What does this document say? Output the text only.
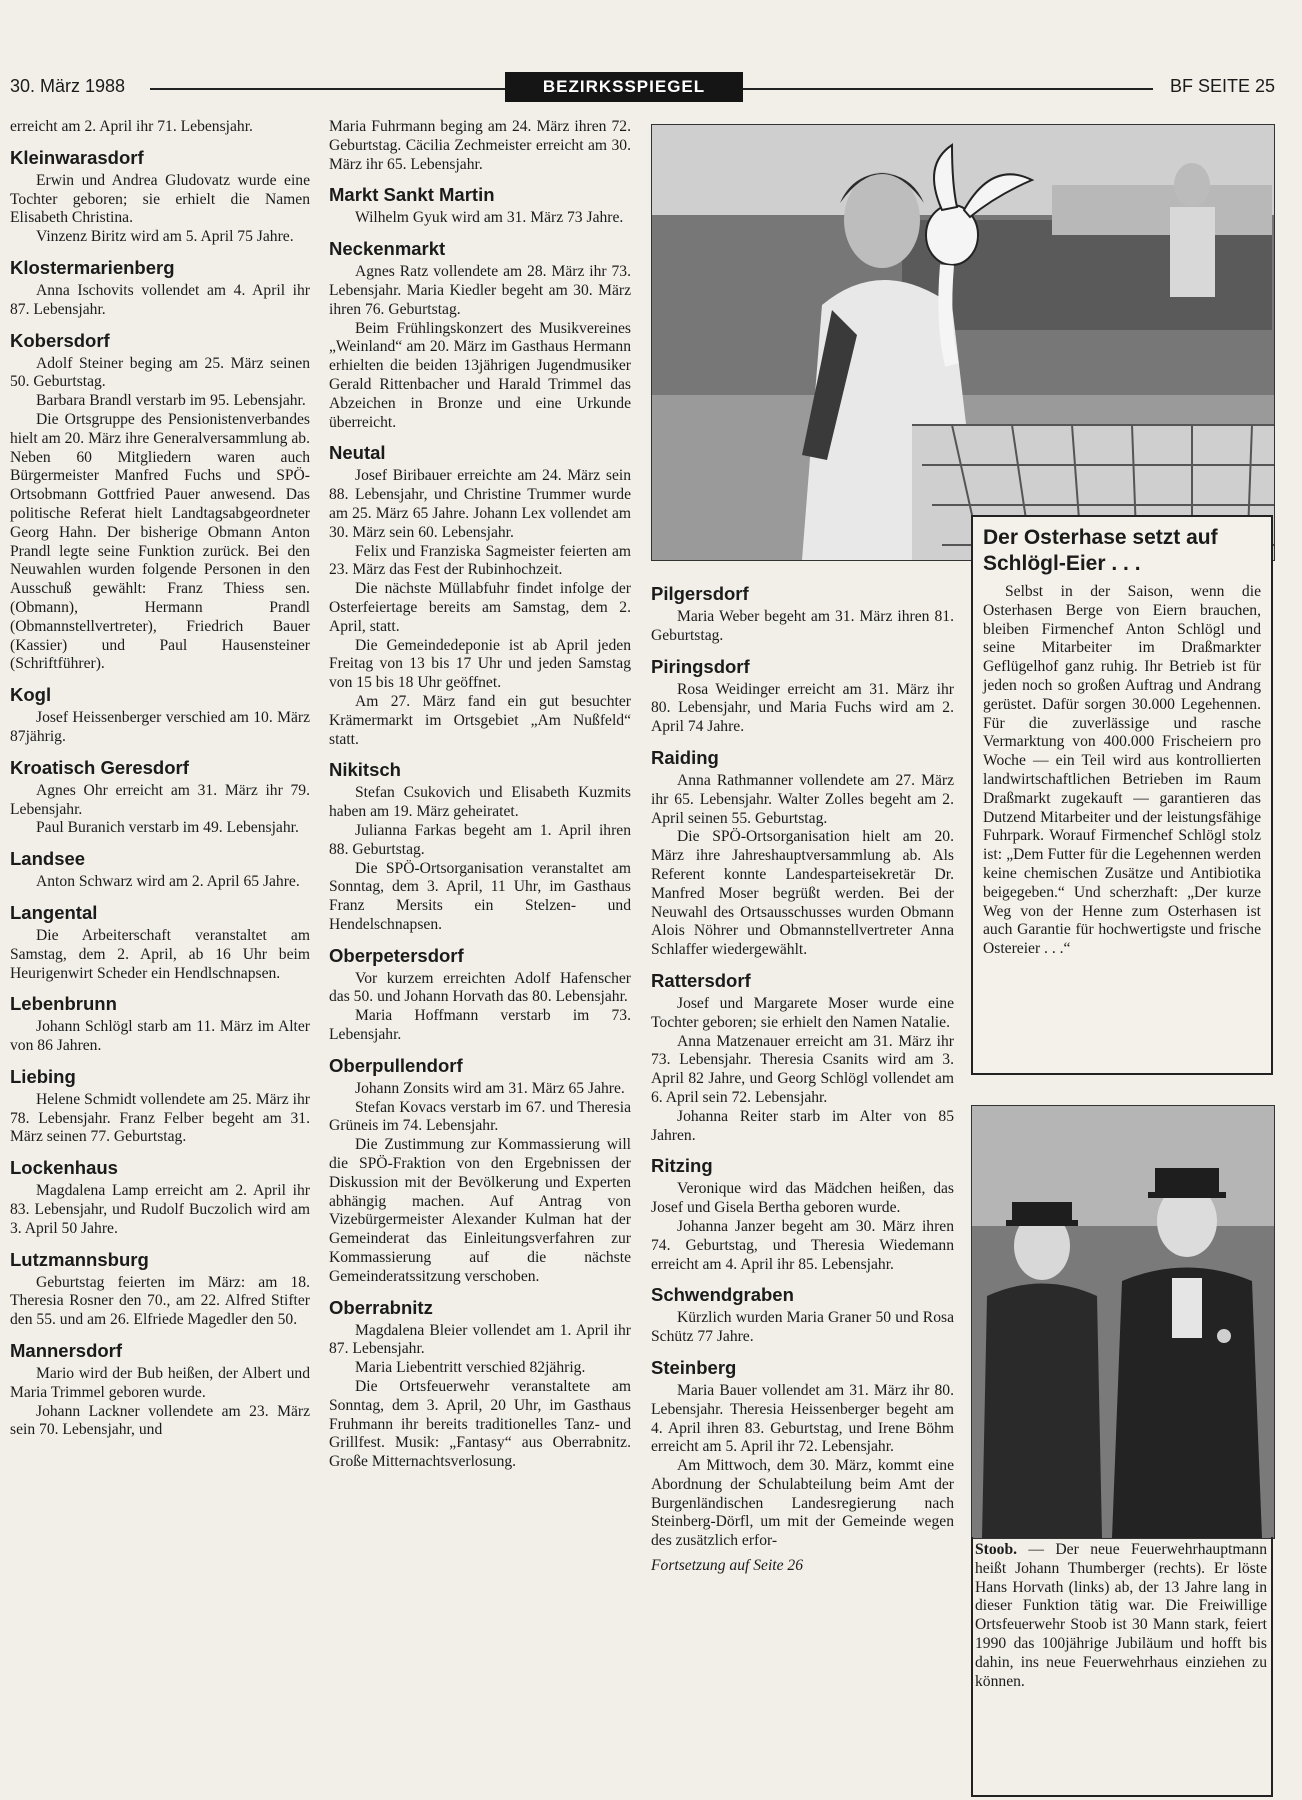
30. März 1988	BEZIRKSSPIEGEL	BF SEITE 25

erreicht am 2. April ihr 71. Lebensjahr.

Kleinwarasdorf

Erwin und Andrea Gludovatz wurde eine Tochter geboren; sie erhielt die Namen Elisabeth Christina.

Vinzenz Biritz wird am 5. April 75 Jahre.

Klostermarienberg

Anna Ischovits vollendet am 4. April ihr 87. Lebensjahr.

Kobersdorf

Adolf Steiner beging am 25. März seinen 50. Geburtstag.

Barbara Brandl verstarb im 95. Lebensjahr.

Die Ortsgruppe des Pensionistenverbandes hielt am 20. März ihre Generalversammlung ab. Neben 60 Mitgliedern waren auch Bürgermeister Manfred Fuchs und SPÖ-Ortsobmann Gottfried Pauer anwesend. Das politische Referat hielt Landtagsabgeordneter Georg Hahn. Der bisherige Obmann Anton Prandl legte seine Funktion zurück. Bei den Neuwahlen wurden folgende Personen in den Ausschuß gewählt: Franz Thiess sen. (Obmann), Hermann Prandl (Obmannstellvertreter), Friedrich Bauer (Kassier) und Paul Hausensteiner (Schriftführer).

Kogl

Josef Heissenberger verschied am 10. März 87jährig.

Kroatisch Geresdorf

Agnes Ohr erreicht am 31. März ihr 79. Lebensjahr.

Paul Buranich verstarb im 49. Lebensjahr.

Landsee

Anton Schwarz wird am 2. April 65 Jahre.

Langental

Die Arbeiterschaft veranstaltet am Samstag, dem 2. April, ab 16 Uhr beim Heurigenwirt Scheder ein Hendlschnapsen.

Lebenbrunn

Johann Schlögl starb am 11. März im Alter von 86 Jahren.

Liebing

Helene Schmidt vollendete am 25. März ihr 78. Lebensjahr. Franz Felber begeht am 31. März seinen 77. Geburtstag.

Lockenhaus

Magdalena Lamp erreicht am 2. April ihr 83. Lebensjahr, und Rudolf Buczolich wird am 3. April 50 Jahre.

Lutzmannsburg

Geburtstag feierten im März: am 18. Theresia Rosner den 70., am 22. Alfred Stifter den 55. und am 26. Elfriede Magedler den 50.

Mannersdorf

Mario wird der Bub heißen, der Albert und Maria Trimmel geboren wurde.

Johann Lackner vollendete am 23. März sein 70. Lebensjahr, und

Maria Fuhrmann beging am 24. März ihren 72. Geburtstag. Cäcilia Zechmeister erreicht am 30. März ihr 65. Lebensjahr.

Markt Sankt Martin

Wilhelm Gyuk wird am 31. März 73 Jahre.

Neckenmarkt

Agnes Ratz vollendete am 28. März ihr 73. Lebensjahr. Maria Kiedler begeht am 30. März ihren 76. Geburtstag.

Beim Frühlingskonzert des Musikvereines „Weinland“ am 20. März im Gasthaus Hermann erhielten die beiden 13jährigen Jugendmusiker Gerald Rittenbacher und Harald Trimmel das Abzeichen in Bronze und eine Urkunde überreicht.

Neutal

Josef Biribauer erreichte am 24. März sein 88. Lebensjahr, und Christine Trummer wurde am 25. März 65 Jahre. Johann Lex vollendet am 30. März sein 60. Lebensjahr.

Felix und Franziska Sagmeister feierten am 23. März das Fest der Rubinhochzeit.

Die nächste Müllabfuhr findet infolge der Osterfeiertage bereits am Samstag, dem 2. April, statt.

Die Gemeindedeponie ist ab April jeden Freitag von 13 bis 17 Uhr und jeden Samstag von 15 bis 18 Uhr geöffnet.

Am 27. März fand ein gut besuchter Krämermarkt im Ortsgebiet „Am Nußfeld“ statt.

Nikitsch

Stefan Csukovich und Elisabeth Kuzmits haben am 19. März geheiratet.

Julianna Farkas begeht am 1. April ihren 88. Geburtstag.

Die SPÖ-Ortsorganisation veranstaltet am Sonntag, dem 3. April, 11 Uhr, im Gasthaus Franz Mersits ein Stelzen- und Hendelschnapsen.

Oberpetersdorf

Vor kurzem erreichten Adolf Hafenscher das 50. und Johann Horvath das 80. Lebensjahr.

Maria Hoffmann verstarb im 73. Lebensjahr.

Oberpullendorf

Johann Zonsits wird am 31. März 65 Jahre.

Stefan Kovacs verstarb im 67. und Theresia Grüneis im 74. Lebensjahr.

Die Zustimmung zur Kommassierung will die SPÖ-Fraktion von den Ergebnissen der Diskussion mit der Bevölkerung und Experten abhängig machen. Auf Antrag von Vizebürgermeister Alexander Kulman hat der Gemeinderat das Einleitungsverfahren zur Kommassierung auf die nächste Gemeinderatssitzung verschoben.

Oberrabnitz

Magdalena Bleier vollendet am 1. April ihr 87. Lebensjahr.

Maria Liebentritt verschied 82jährig.

Die Ortsfeuerwehr veranstaltete am Sonntag, dem 3. April, 20 Uhr, im Gasthaus Fruhmann ihr bereits traditionelles Tanz- und Grillfest. Musik: „Fantasy“ aus Oberrabnitz. Große Mitternachtsverlosung.

Pilgersdorf

Maria Weber begeht am 31. März ihren 81. Geburtstag.

Piringsdorf

Rosa Weidinger erreicht am 31. März ihr 80. Lebensjahr, und Maria Fuchs wird am 2. April 74 Jahre.

Raiding

Anna Rathmanner vollendete am 27. März ihr 65. Lebensjahr. Walter Zolles begeht am 2. April seinen 55. Geburtstag.

Die SPÖ-Ortsorganisation hielt am 20. März ihre Jahreshauptversammlung ab. Als Referent konnte Landesparteisekretär Dr. Manfred Moser begrüßt werden. Bei der Neuwahl des Ortsausschusses wurden Obmann Alois Nöhrer und Obmannstellvertreter Anna Schlaffer wiedergewählt.

Rattersdorf

Josef und Margarete Moser wurde eine Tochter geboren; sie erhielt den Namen Natalie.

Anna Matzenauer erreicht am 31. März ihr 73. Lebensjahr. Theresia Csanits wird am 3. April 82 Jahre, und Georg Schlögl vollendet am 6. April sein 72. Lebensjahr.

Johanna Reiter starb im Alter von 85 Jahren.

Ritzing

Veronique wird das Mädchen heißen, das Josef und Gisela Bertha geboren wurde.

Johanna Janzer begeht am 30. März ihren 74. Geburtstag, und Theresia Wiedemann erreicht am 4. April ihr 85. Lebensjahr.

Schwendgraben

Kürzlich wurden Maria Graner 50 und Rosa Schütz 77 Jahre.

Steinberg

Maria Bauer vollendet am 31. März ihr 80. Lebensjahr. Theresia Heissenberger begeht am 4. April ihren 83. Geburtstag, und Irene Böhm erreicht am 5. April ihr 72. Lebensjahr.

Am Mittwoch, dem 30. März, kommt eine Abordnung der Schulabteilung beim Amt der Burgenländischen Landesregierung nach Steinberg-Dörfl, um mit der Gemeinde wegen des zusätzlich erfor-

Fortsetzung auf Seite 26

Der Osterhase setzt auf Schlögl-Eier . . .

Selbst in der Saison, wenn die Osterhasen Berge von Eiern brauchen, bleiben Firmenchef Anton Schlögl und seine Mitarbeiter im Draßmarkter Geflügelhof ganz ruhig. Ihr Betrieb ist für jeden noch so großen Auftrag und Andrang gerüstet. Dafür sorgen 30.000 Legehennen. Für die zuverlässige und rasche Vermarktung von 400.000 Frischeiern pro Woche — ein Teil wird aus kontrollierten landwirtschaftlichen Betrieben im Raum Draßmarkt zugekauft — garantieren das Dutzend Mitarbeiter und der leistungsfähige Fuhrpark. Worauf Firmenchef Schlögl stolz ist: „Dem Futter für die Legehennen werden keine chemischen Zusätze und Antibiotika beigegeben.“ Und scherzhaft: „Der kurze Weg von der Henne zum Osterhasen ist auch Garantie für hochwertigste und frische Ostereier . . .“

Stoob. — Der neue Feuerwehrhauptmann heißt Johann Thumberger (rechts). Er löste Hans Horvath (links) ab, der 13 Jahre lang in dieser Funktion tätig war. Die Freiwillige Ortsfeuerwehr Stoob ist 30 Mann stark, feiert 1990 das 100jährige Jubiläum und hofft bis dahin, ins neue Feuerwehrhaus einziehen zu können.
